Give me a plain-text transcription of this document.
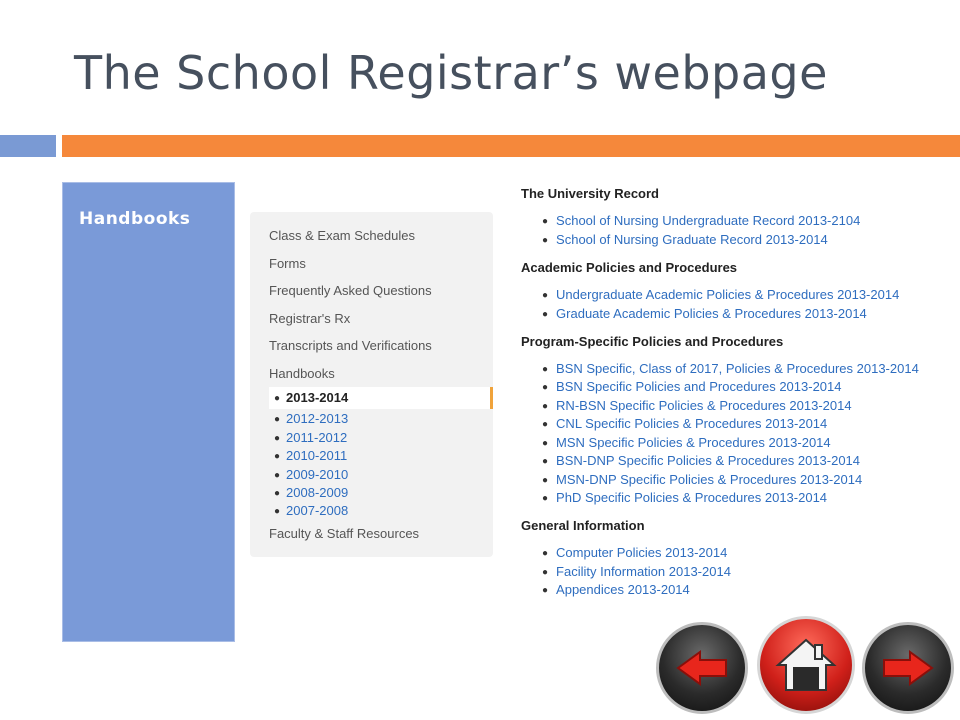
The School Registrar’s webpage
Handbooks
Class & Exam Schedules
Forms
Frequently Asked Questions
Registrar's Rx
Transcripts and Verifications
Handbooks
● 2013-2014
● 2012-2013
● 2011-2012
● 2010-2011
● 2009-2010
● 2008-2009
● 2007-2008
Faculty & Staff Resources
The University Record
● School of Nursing Undergraduate Record 2013-2104
● School of Nursing Graduate Record 2013-2014
Academic Policies and Procedures
● Undergraduate Academic Policies & Procedures 2013-2014
● Graduate Academic Policies & Procedures 2013-2014
Program-Specific Policies and Procedures
● BSN Specific, Class of 2017, Policies & Procedures 2013-2014
● BSN Specific Policies and Procedures 2013-2014
● RN-BSN Specific Policies & Procedures 2013-2014
● CNL Specific Policies & Procedures 2013-2014
● MSN Specific Policies & Procedures 2013-2014
● BSN-DNP Specific Policies & Procedures 2013-2014
● MSN-DNP Specific Policies & Procedures 2013-2014
● PhD Specific Policies & Procedures 2013-2014
General Information
● Computer Policies 2013-2014
● Facility Information 2013-2014
● Appendices 2013-2014
